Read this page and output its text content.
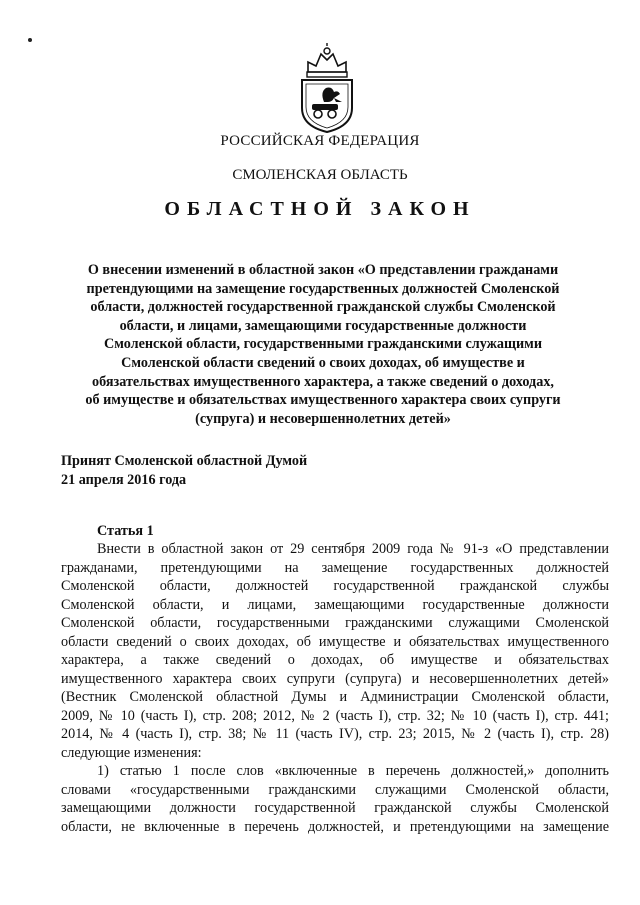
РОССИЙСКАЯ ФЕДЕРАЦИЯ
СМОЛЕНСКАЯ ОБЛАСТЬ
ОБЛАСТНОЙ ЗАКОН
О внесении изменений в областной закон «О представлении гражданами
претендующими на замещение государственных должностей Смоленской
области, должностей государственной гражданской службы Смоленской
области, и лицами, замещающими государственные должности
Смоленской области, государственными гражданскими служащими
Смоленской области сведений о своих доходах, об имуществе и
обязательствах имущественного характера, а также сведений о доходах,
об имуществе и обязательствах имущественного характера своих супруги
(супруга) и несовершеннолетних детей»
Принят Смоленской областной Думой
21 апреля 2016 года
Статья 1
Внести в областной закон от 29 сентября 2009 года № 91-з «О представлении
гражданами, претендующими на замещение государственных должностей
Смоленской области, должностей государственной гражданской службы
Смоленской области, и лицами, замещающими государственные должности
Смоленской области, государственными гражданскими служащими Смоленской
области сведений о своих доходах, об имуществе и обязательствах имущественного
характера, а также сведений о доходах, об имуществе и обязательствах
имущественного характера своих супруги (супруга) и несовершеннолетних детей»
(Вестник Смоленской областной Думы и Администрации Смоленской области,
2009, № 10 (часть I), стр. 208; 2012, № 2 (часть I), стр. 32; № 10 (часть I), стр. 441;
2014, № 4 (часть I), стр. 38; № 11 (часть IV), стр. 23; 2015, № 2 (часть I), стр. 28)
следующие изменения:
1) статью 1 после слов «включенные в перечень должностей,» дополнить
словами «государственными гражданскими служащими Смоленской области,
замещающими должности государственной гражданской службы Смоленской
области, не включенные в перечень должностей, и претендующими на замещение
